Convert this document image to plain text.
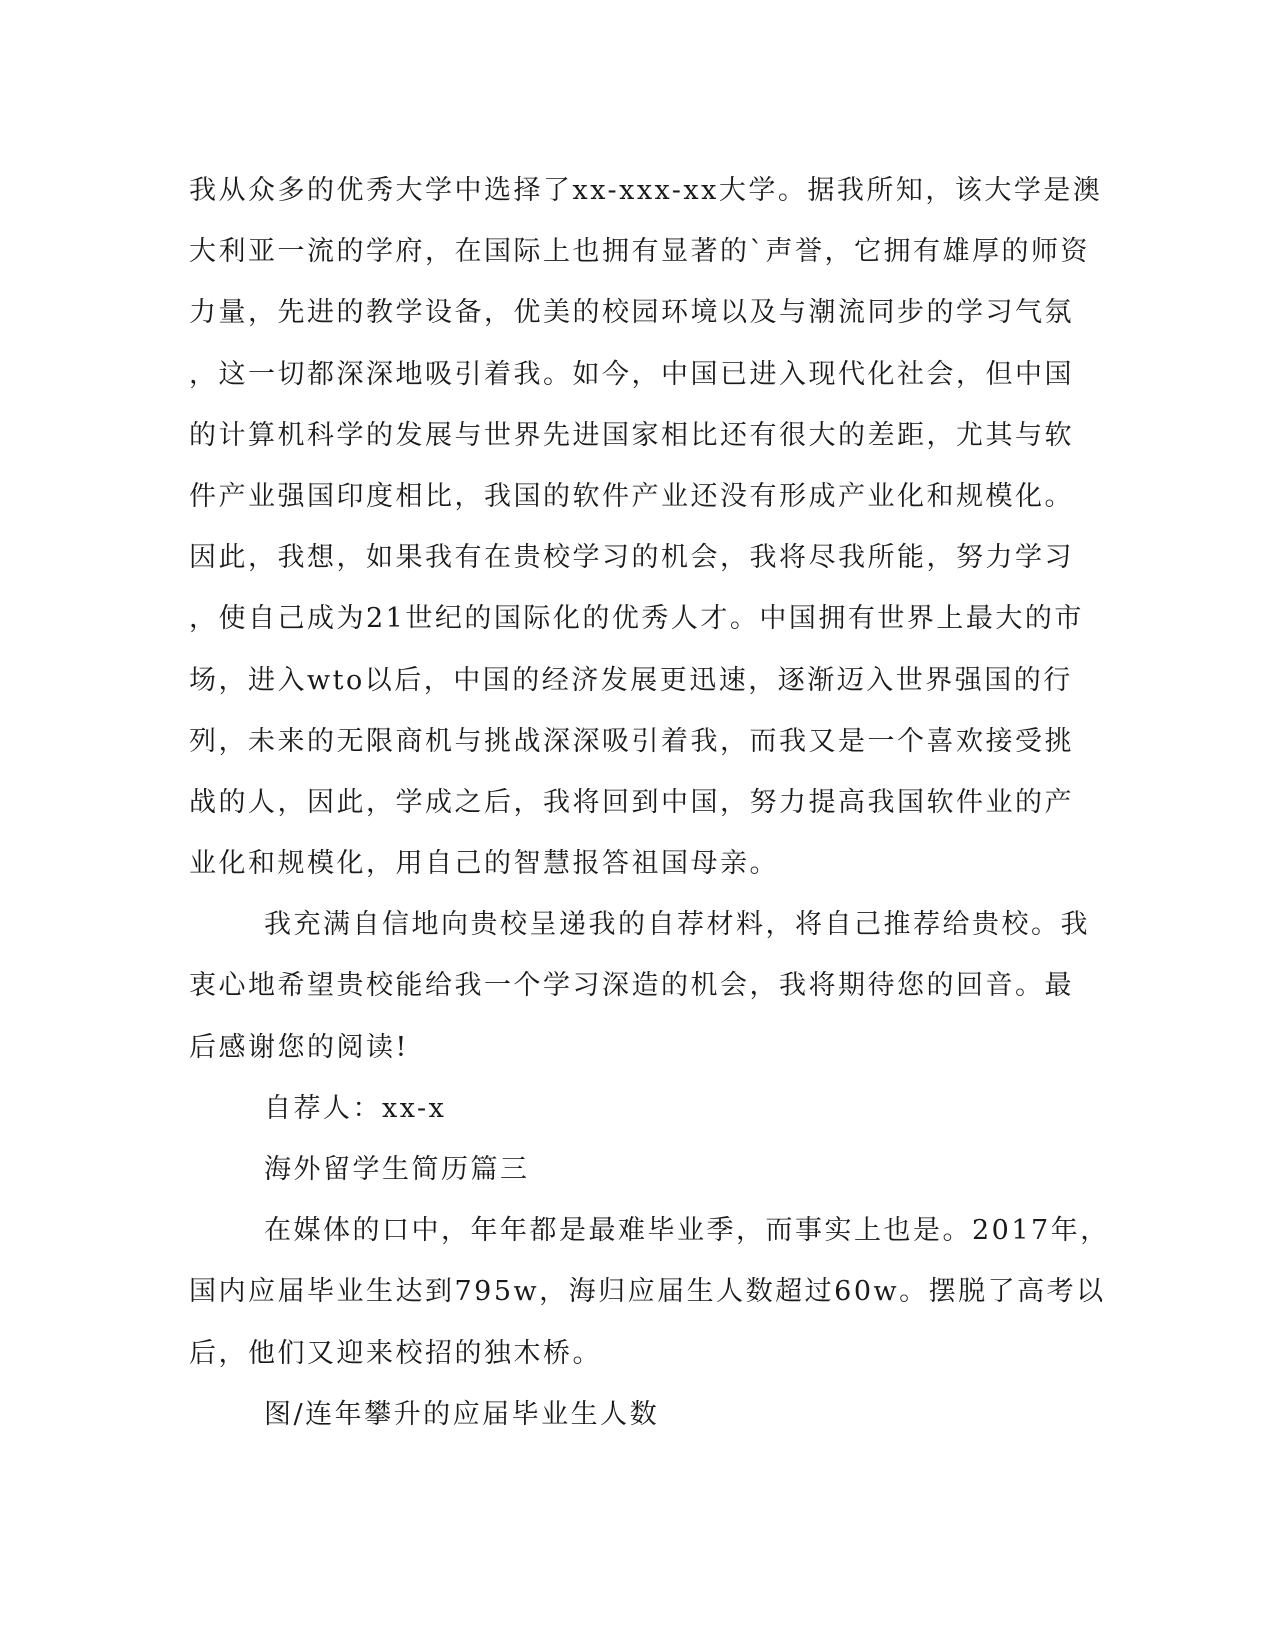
我从众多的优秀大学中选择了xx-xxx-xx大学。据我所知，该大学是澳
大利亚一流的学府，在国际上也拥有显著的`声誉，它拥有雄厚的师资
力量，先进的教学设备，优美的校园环境以及与潮流同步的学习气氛
，这一切都深深地吸引着我。如今，中国已进入现代化社会，但中国
的计算机科学的发展与世界先进国家相比还有很大的差距，尤其与软
件产业强国印度相比，我国的软件产业还没有形成产业化和规模化。
因此，我想，如果我有在贵校学习的机会，我将尽我所能，努力学习
，使自己成为21世纪的国际化的优秀人才。中国拥有世界上最大的市
场，进入wto以后，中国的经济发展更迅速，逐渐迈入世界强国的行
列，未来的无限商机与挑战深深吸引着我，而我又是一个喜欢接受挑
战的人，因此，学成之后，我将回到中国，努力提高我国软件业的产
业化和规模化，用自己的智慧报答祖国母亲。
我充满自信地向贵校呈递我的自荐材料，将自己推荐给贵校。我
衷心地希望贵校能给我一个学习深造的机会，我将期待您的回音。最
后感谢您的阅读!
自荐人：xx-x
海外留学生简历篇三
在媒体的口中，年年都是最难毕业季，而事实上也是。2017年，
国内应届毕业生达到795w，海归应届生人数超过60w。摆脱了高考以
后，他们又迎来校招的独木桥。
图/连年攀升的应届毕业生人数
